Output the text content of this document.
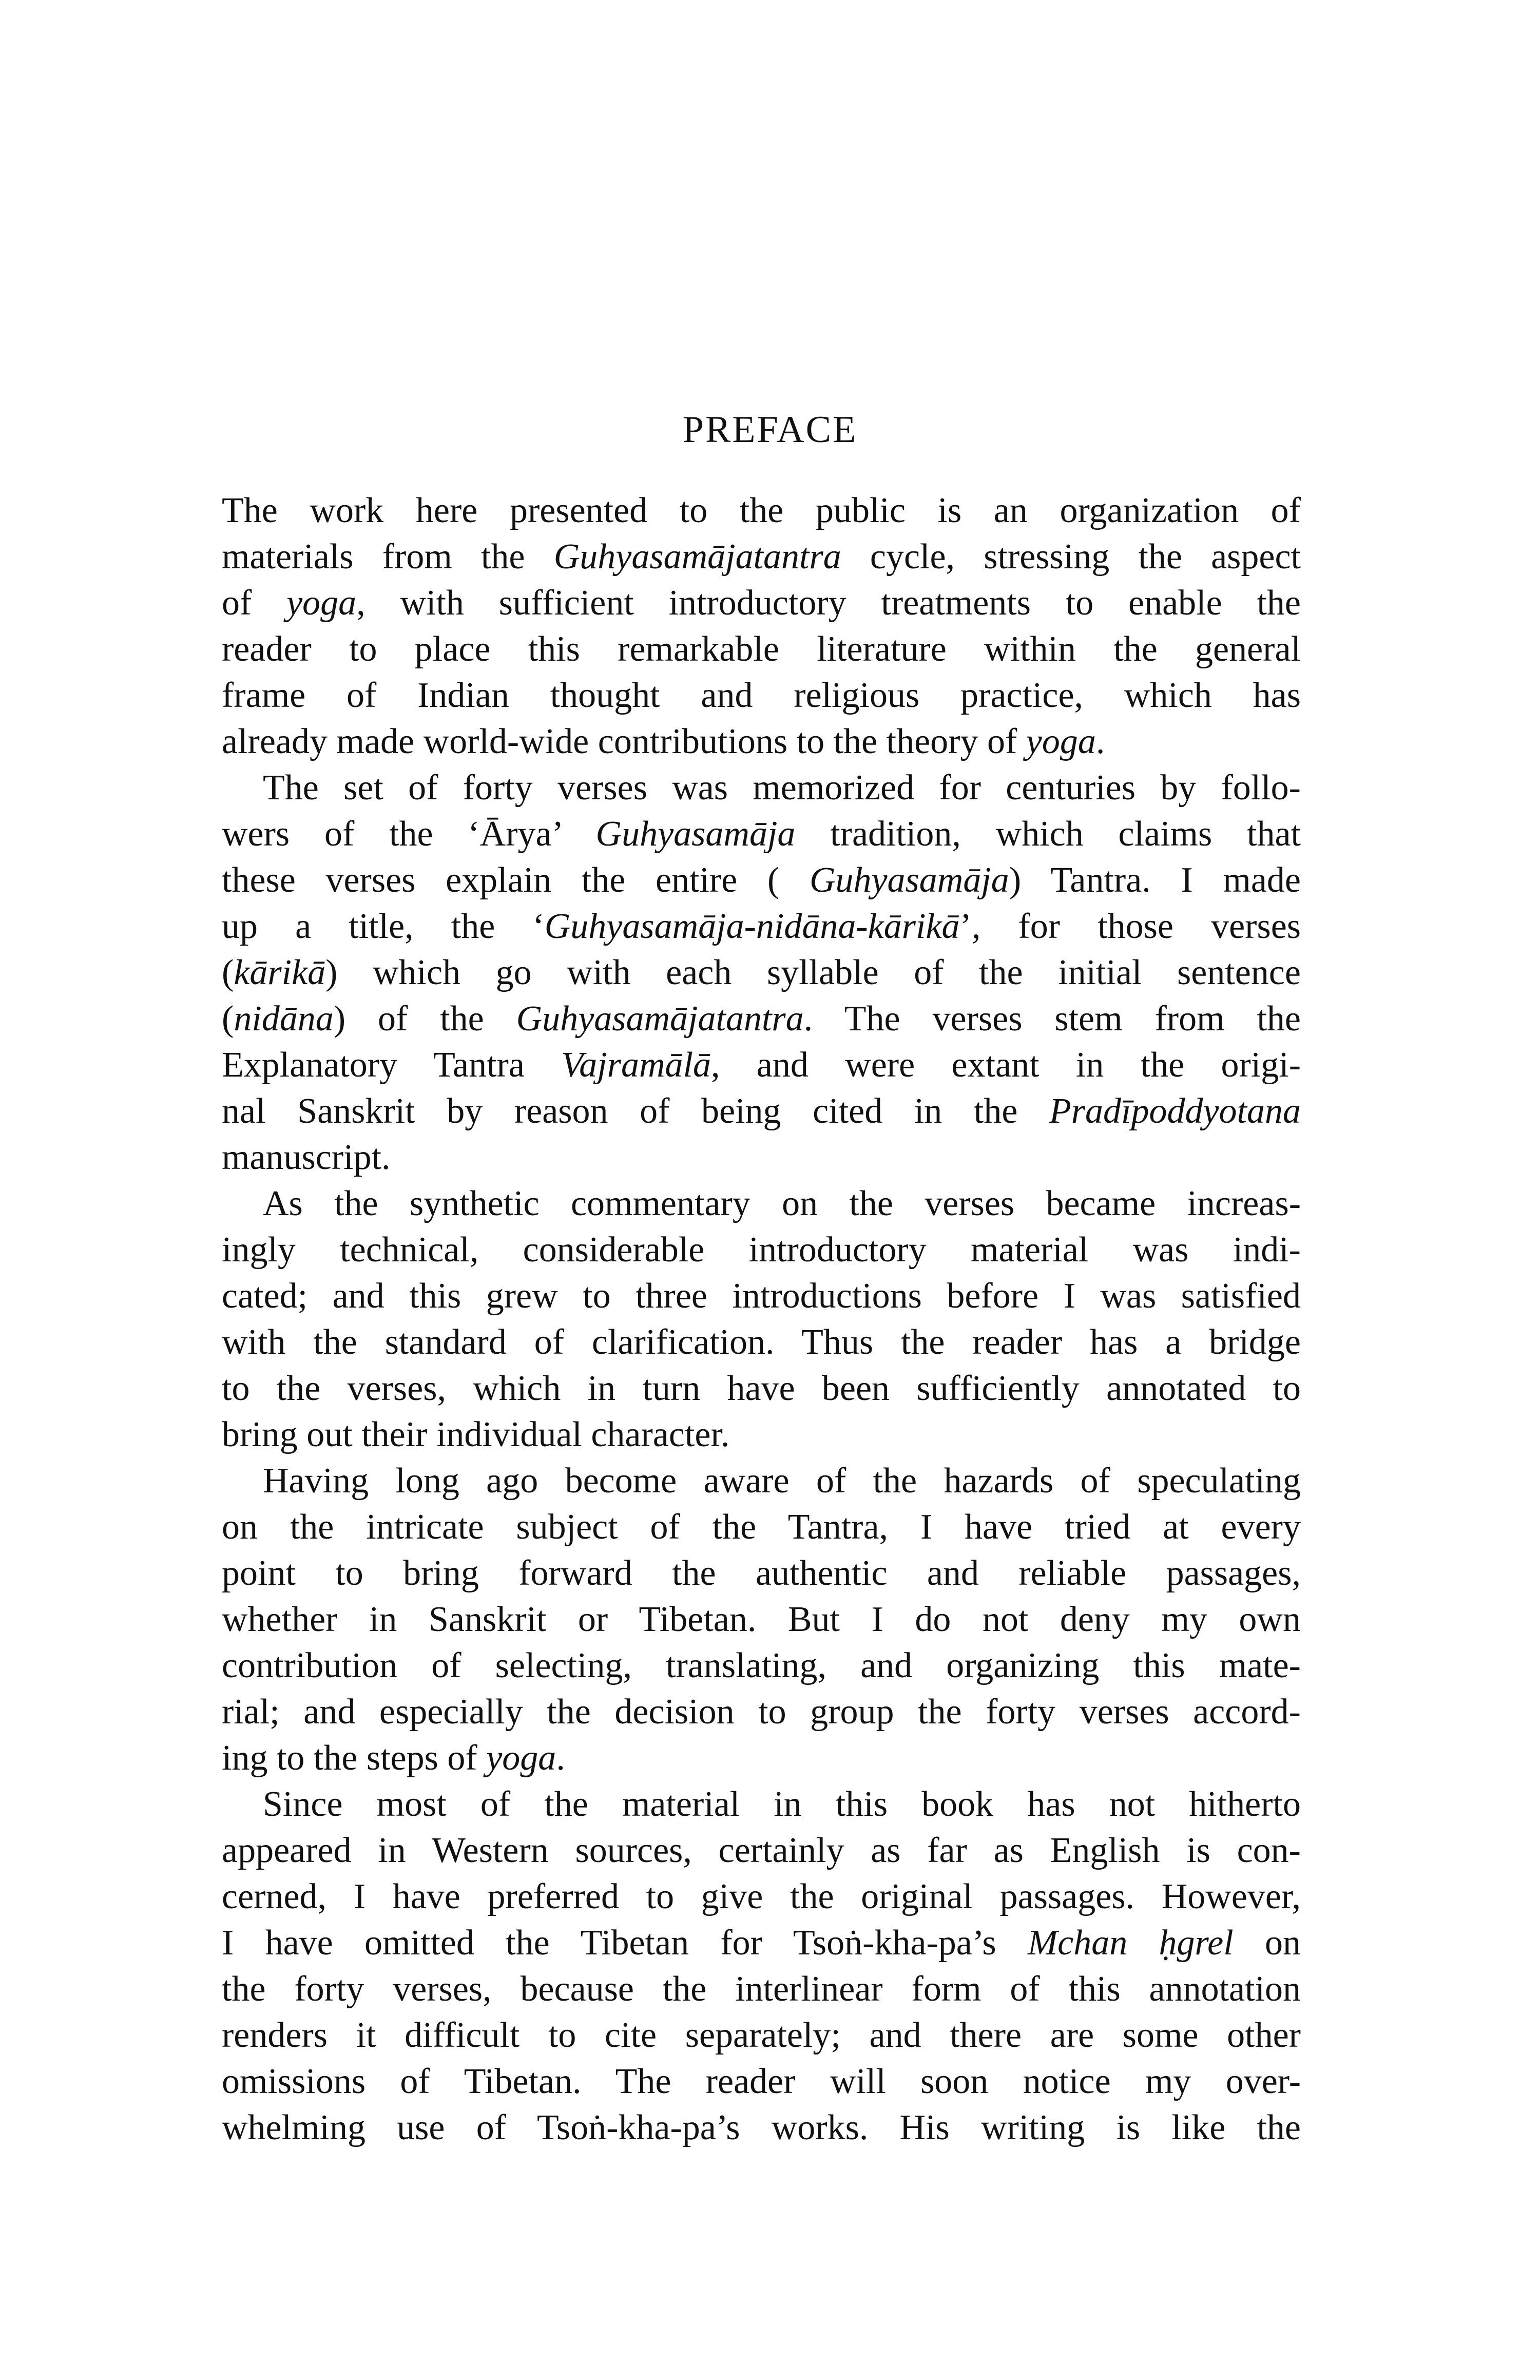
PREFACE
The work here presented to the public is an organization of
materials from the Guhyasamājatantra cycle, stressing the aspect
of yoga, with sufficient introductory treatments to enable the
reader to place this remarkable literature within the general
frame of Indian thought and religious practice, which has
already made world-wide contributions to the theory of yoga.
The set of forty verses was memorized for centuries by follo-
wers of the ‘Ārya’ Guhyasamāja tradition, which claims that
these verses explain the entire ( Guhyasamāja) Tantra. I made
up a title, the ‘Guhyasamāja-nidāna-kārikā’, for those verses
(kārikā) which go with each syllable of the initial sentence
(nidāna) of the Guhyasamājatantra. The verses stem from the
Explanatory Tantra Vajramālā, and were extant in the origi-
nal Sanskrit by reason of being cited in the Pradīpoddyotana
manuscript.
As the synthetic commentary on the verses became increas-
ingly technical, considerable introductory material was indi-
cated; and this grew to three introductions before I was satisfied
with the standard of clarification. Thus the reader has a bridge
to the verses, which in turn have been sufficiently annotated to
bring out their individual character.
Having long ago become aware of the hazards of speculating
on the intricate subject of the Tantra, I have tried at every
point to bring forward the authentic and reliable passages,
whether in Sanskrit or Tibetan. But I do not deny my own
contribution of selecting, translating, and organizing this mate-
rial; and especially the decision to group the forty verses accord-
ing to the steps of yoga.
Since most of the material in this book has not hitherto
appeared in Western sources, certainly as far as English is con-
cerned, I have preferred to give the original passages. However,
I have omitted the Tibetan for Tsoṅ-kha-pa’s Mchan ḥgrel on
the forty verses, because the interlinear form of this annotation
renders it difficult to cite separately; and there are some other
omissions of Tibetan. The reader will soon notice my over-
whelming use of Tsoṅ-kha-pa’s works. His writing is like the
